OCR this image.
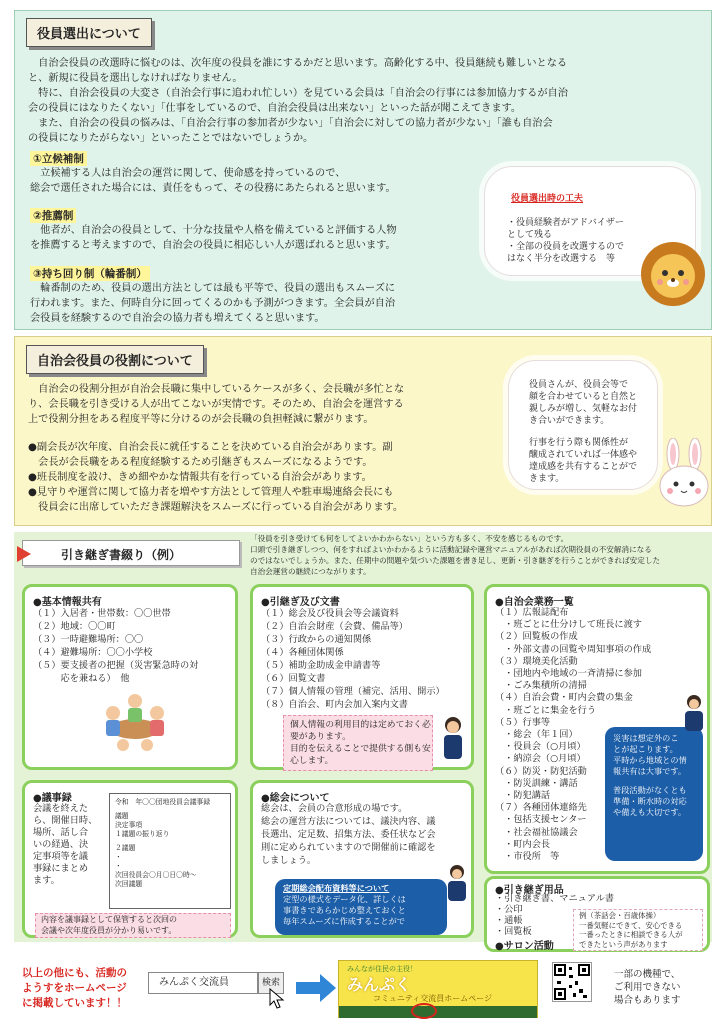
役員選出について
　自治会役員の改選時に悩むのは、次年度の役員を誰にするかだと思います。高齢化する中、役員継続も難しいとなる
と、新規に役員を選出しなければなりません。
　特に、自治会役員の大変さ（自治会行事に追われ忙しい）を見ている会員は「自治会の行事には参加協力するが自治
会の役員にはなりたくない」「仕事をしているので、自治会役員は出来ない」といった話が聞こえてきます。
　また、自治会の役員の悩みは、「自治会行事の参加者が少ない」「自治会に対しての協力者が少ない」「誰も自治会
の役員になりたがらない」といったことではないでしょうか。
①立候補制
　立候補する人は自治会の運営に関して、使命感を持っているので、
総会で選任された場合には、責任をもって、その役務にあたられると思います。
②推薦制
　他者が、自治会の役員として、十分な技量や人格を備えていると評価する人物
を推薦すると考えますので、自治会の役員に相応しい人が選ばれると思います。
③持ち回り制（輪番制）
　輪番制のため、役員の選出方法としては最も平等で、役員の選出もスムーズに
行われます。また、何時自分に回ってくるのかも予測がつきます。全会員が自治
会役員を経験するので自治会の協力者も増えてくると思います。
役員選出時の工夫
・役員経験者がアドバイザー
として残る
・全部の役員を改選するので
はなく半分を改選する　等
自治会役員の役割について
　自治会の役割分担が自治会長職に集中しているケースが多く、会長職が多忙とな
り、会長職を引き受ける人が出てこないが実情です。そのため、自治会を運営する
上で役割分担をある程度平等に分けるのが会長職の負担軽減に繋がります。
●副会長が次年度、自治会長に就任することを決めている自治会があります。副
　会長が会長職をある程度経験するため引継ぎもスムーズになるようです。
●班長制度を設け、きめ細やかな情報共有を行っている自治会があります。
●見守りや運営に関して協力者を増やす方法として管理人や駐車場連絡会長にも
　役員会に出席していただき課題解決をスムーズに行っている自治会があります。
役員さんが、役員会等で
顔を合わせていると自然と
親しみが増し、気軽なお付
き合いができます。
行事を行う際も関係性が
醸成されていれば一体感や
達成感を共有することがで
きます。
引き継ぎ書綴り（例）
「役員を引き受けても何をしてよいかわからない」という方も多く、不安を感じるものです。
口頭で引き継ぎしつつ、何をすればよいかわかるように活動記録や運営マニュアルがあれば次期役員の不安解消になる
のではないでしょうか。また、任期中の問題や気づいた課題を書き足し、更新・引き継ぎを行うことができれば安定した
自治会運営の継続につながります。
●基本情報共有
（１）入居者・世帯数：〇〇世帯
（２）地域：〇〇町
（３）一時避難場所：〇〇
（４）避難場所：〇〇小学校
（５）要支援者の把握（災害緊急時の対
　　　応を兼ねる）　他
●引継ぎ及び文書
（１）総会及び役員会等会議資料
（２）自治会財産（会費、備品等）
（３）行政からの通知関係
（４）各種団体関係
（５）補助金助成金申請書等
（６）回覧文書
（７）個人情報の管理（補完、活用、開示）
（８）自治会、町内会加入案内文書
個人情報の利用目的は定めておく必
要があります。
目的を伝えることで提供する側も安
心します。
●自治会業務一覧
（１）広報誌配布
　・班ごとに仕分けして班長に渡す
（２）回覧板の作成
　・外部文書の回覧や周知事項の作成
（３）環境美化活動
　・団地内や地域の一斉清掃に参加
　・ごみ集積所の清掃
（４）自治会費・町内会費の集金
　・班ごとに集金を行う
（５）行事等
　・総会（年１回）
　・役員会（○月頃）
　・納涼会（○月頃）
（６）防災・防犯活動
　・防災訓練・講話
　・防犯講話
（７）各種団体連絡先
　・包括支援センター
　・社会福祉協議会
　・町内会長
　・市役所　等
災害は想定外のこ
とが起こります。
平時から地域との情
報共有は大事です。
普段活動がなくとも
準備・断水時の対応
や備えも大切です。
●議事録
会議を終えた
ら、開催日時、
場所、話し合
いの経過、決
定事項等を議
事録にまとめ
ます。
令和　年〇〇団地役員会議事録
議題
決定事項
１議題の振り返り
２議題
・
・
次回役員会〇月〇日〇時～
次回議題
内容を議事録として保管すると次回の
会議や次年度役員が分かり易いです。
●総会について
総会は、会員の合意形成の場です。
総会の運営方法については、議決内容、議
長選出、定足数、招集方法、委任状など会
則に定められていますので開催前に確認を
しましょう。
定期総会配布資料等について
定型の様式をデータ化、詳しくは
事書きであらかじめ整えておくと
毎年スムーズに作成することがで
●引き継ぎ用品
・引き継ぎ書、マニュアル書
・公印
・通帳
・回覧板
●サロン活動
例（茶話会・百歳体操）
一番気軽にできて、安心できる
一番ったときに相談できる人が
できたという声があります
以上の他にも、活動の
ようすをホームページ
に掲載しています！！
みんぷく交流員	検索
みんなが住民の主役！
みんぷく
コミュニティ交流員ホームページ
一部の機種で、
ご利用できない
場合もあります
